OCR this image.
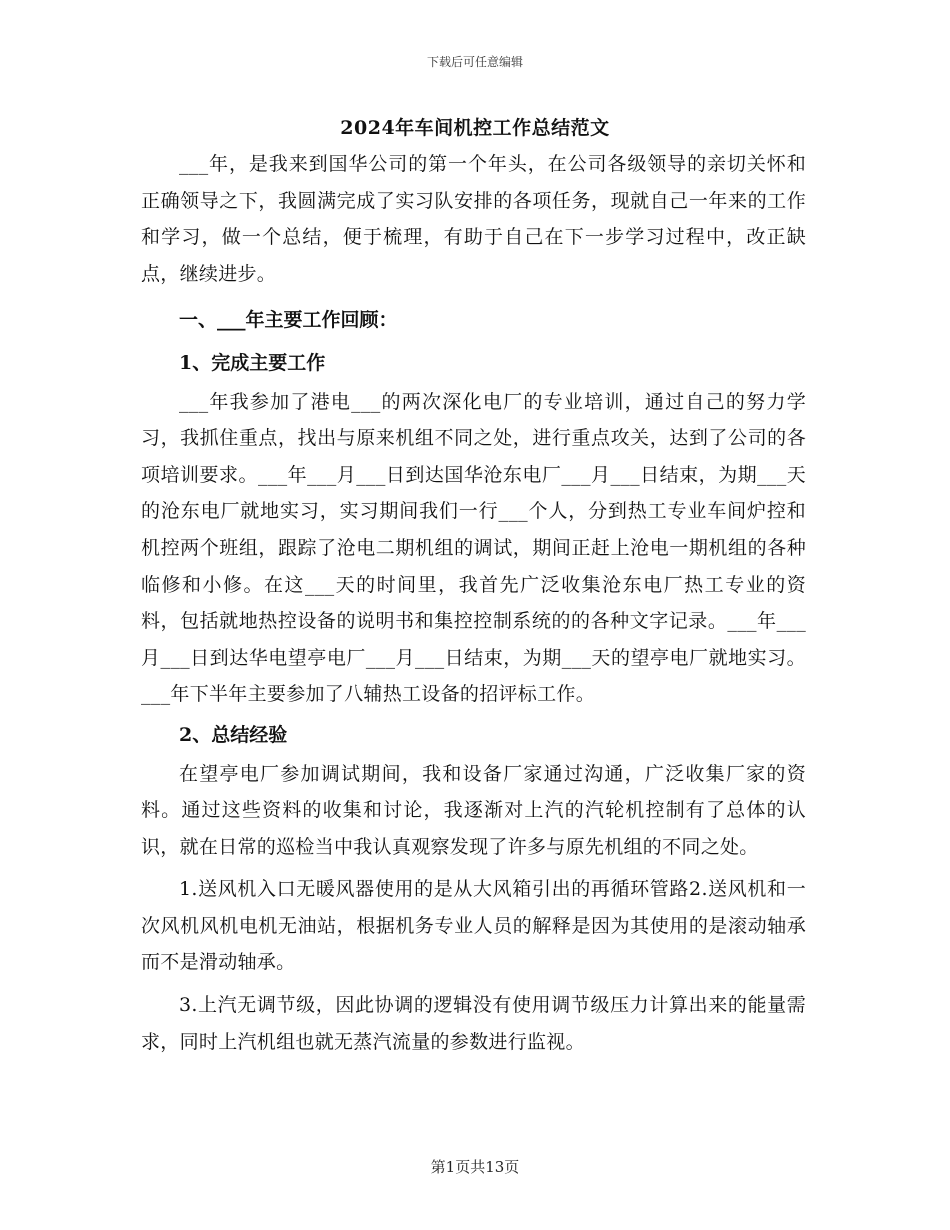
下载后可任意编辑
2024年车间机控工作总结范文

___年，是我来到国华公司的第一个年头，在公司各级领导的亲切关怀和正确领导之下，我圆满完成了实习队安排的各项任务，现就自己一年来的工作和学习，做一个总结，便于梳理，有助于自己在下一步学习过程中，改正缺点，继续进步。

一、___年主要工作回顾：

1、完成主要工作

___年我参加了港电___的两次深化电厂的专业培训，通过自己的努力学习，我抓住重点，找出与原来机组不同之处，进行重点攻关，达到了公司的各项培训要求。___年___月___日到达国华沧东电厂___月___日结束，为期___天的沧东电厂就地实习，实习期间我们一行___个人，分到热工专业车间炉控和机控两个班组，跟踪了沧电二期机组的调试，期间正赶上沧电一期机组的各种临修和小修。在这___天的时间里，我首先广泛收集沧东电厂热工专业的资料，包括就地热控设备的说明书和集控控制系统的的各种文字记录。___年___月___日到达华电望亭电厂___月___日结束，为期___天的望亭电厂就地实习。___年下半年主要参加了八辅热工设备的招评标工作。

2、总结经验

在望亭电厂参加调试期间，我和设备厂家通过沟通，广泛收集厂家的资料。通过这些资料的收集和讨论，我逐渐对上汽的汽轮机控制有了总体的认识，就在日常的巡检当中我认真观察发现了许多与原先机组的不同之处。

1.送风机入口无暖风器使用的是从大风箱引出的再循环管路2.送风机和一次风机风机电机无油站，根据机务专业人员的解释是因为其使用的是滚动轴承而不是滑动轴承。

3.上汽无调节级，因此协调的逻辑没有使用调节级压力计算出来的能量需求，同时上汽机组也就无蒸汽流量的参数进行监视。

第1页共13页
